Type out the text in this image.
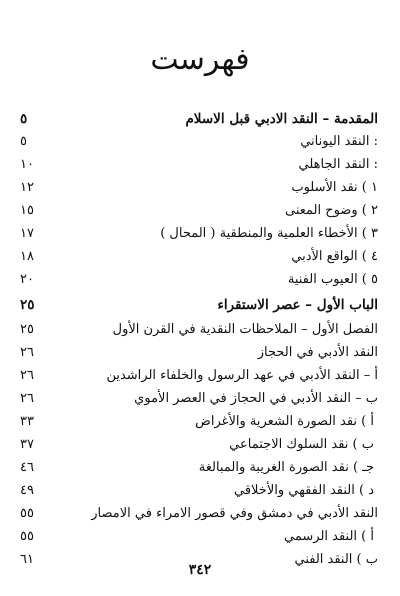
فهرست
المقدمة – النقد الادبي قبل الاسلام
٥
: النقد اليوناني
٥
: النقد الجاهلي
١٠
١ ) نقد الأسلوب
١٢
٢ ) وضوح المعنى
١٥
٣ ) الأخطاء العلمية والمنطقية ( المحال )
١٧
٤ ) الواقع الأدبي
١٨
٥ ) العيوب الفنية
٢٠
الباب الأول – عصر الاستقراء
٢٥
الفصل الأول – الملاحظات النقدية في القرن الأول
٢٥
النقد الأدبي في الحجاز
٢٦
أ – النقد الأدبي في عهد الرسول والخلفاء الراشدين
٢٦
ب – النقد الأدبي في الحجاز في العصر الأموي
٢٦
أ ) نقد الصورة الشعرية والأغراض
٣٣
ب ) نقد السلوك الاجتماعي
٣٧
جـ ) نقد الصورة الغريبة والمبالغة
٤٦
د ) النقد الفقهي والأخلاقي
٤٩
النقد الأدبي في دمشق وفي قصور الامراء في الامصار
٥٥
أ ) النقد الرسمي
٥٥
ب ) النقد الفني
٦١
٣٤٢
